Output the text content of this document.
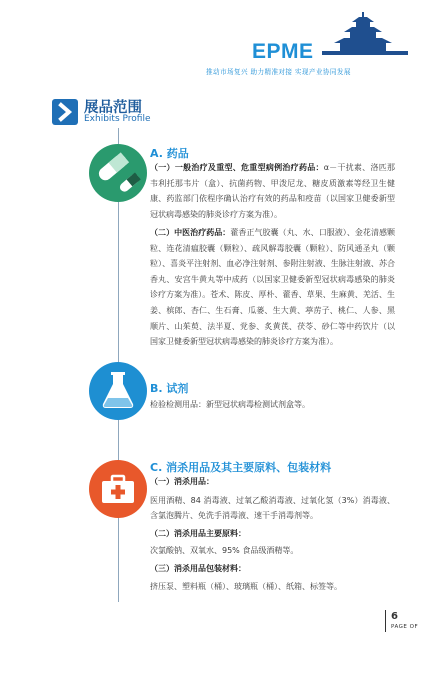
EPME
推动市场复兴 助力精准对接 实现产业协同发展
展品范围
Exhibits Profile
A. 药品
（一）一般治疗及重型、危重型病例治疗药品：α－干扰素、洛匹那韦利托那韦片（盒）、抗菌药物、甲泼尼龙、糖皮质激素等经卫生健康、药监部门依程序确认治疗有效的药品和疫苗（以国家卫健委新型冠状病毒感染的肺炎诊疗方案为准）。
（二）中医治疗药品：藿香正气胶囊（丸、水、口服液）、金花清感颗粒、连花清瘟胶囊（颗粒）、疏风解毒胶囊（颗粒）、防风通圣丸（颗粒）、喜炎平注射剂、血必净注射剂、参附注射液、生脉注射液、苏合香丸、安宫牛黄丸等中成药（以国家卫健委新型冠状病毒感染的肺炎诊疗方案为准）。苍术、陈皮、厚朴、藿香、草果、生麻黄、羌活、生姜、槟郎、杏仁、生石膏、瓜蒌、生大黄、葶苈子、桃仁、人参、黑顺片、山茱萸、法半夏、党参、炙黄芪、茯苓、砂仁等中药饮片（以国家卫健委新型冠状病毒感染的肺炎诊疗方案为准）。
B. 试剂
检验检测用品：新型冠状病毒检测试剂盒等。
C. 消杀用品及其主要原料、包装材料
（一）消杀用品：
医用酒精、84 消毒液、过氧乙酸消毒液、过氧化氢（3%）消毒液、含氯泡腾片、免洗手消毒液、速干手消毒剂等。
（二）消杀用品主要原料：
次氯酸钠、双氧水、95% 食品级酒精等。
（三）消杀用品包装材料：
挤压泵、塑料瓶（桶）、玻璃瓶（桶）、纸箱、标签等。
6
PAGE OF
